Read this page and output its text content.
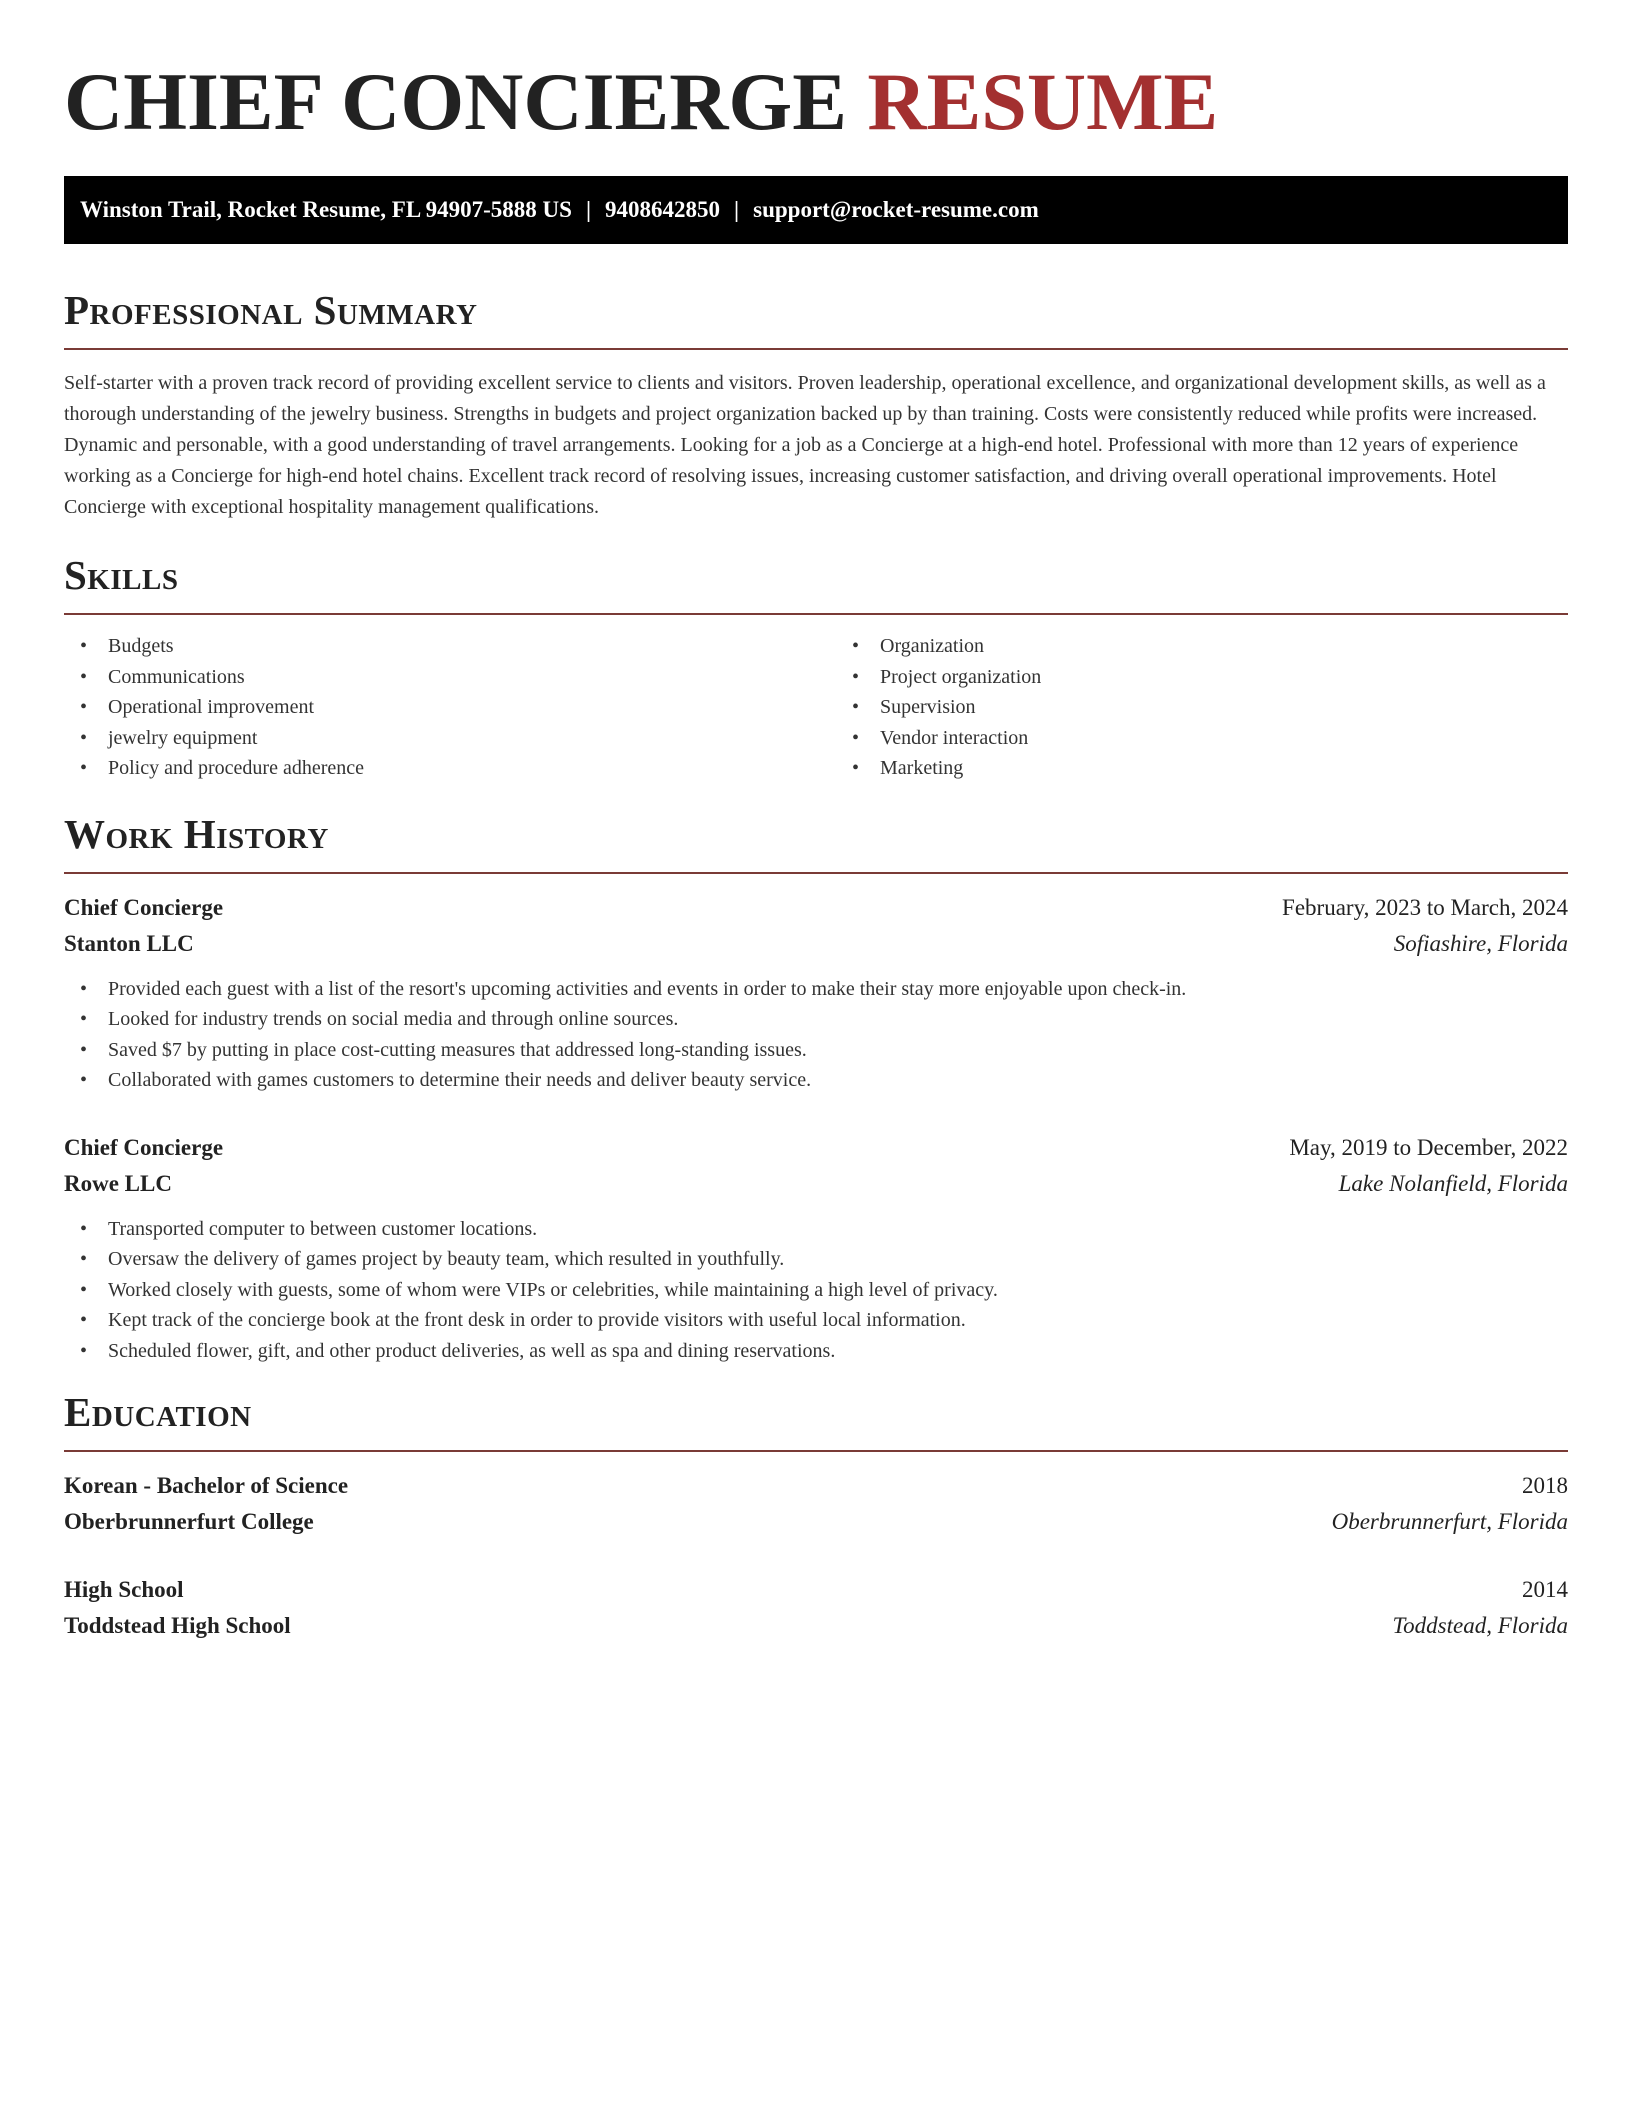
CHIEF CONCIERGE RESUME
Winston Trail, Rocket Resume, FL 94907-5888 US | 9408642850 | support@rocket-resume.com
Professional Summary

Self-starter with a proven track record of providing excellent service to clients and visitors. Proven leadership, operational excellence, and organizational development skills, as well as a thorough understanding of the jewelry business. Strengths in budgets and project organization backed up by than training. Costs were consistently reduced while profits were increased. Dynamic and personable, with a good understanding of travel arrangements. Looking for a job as a Concierge at a high-end hotel. Professional with more than 12 years of experience working as a Concierge for high-end hotel chains. Excellent track record of resolving issues, increasing customer satisfaction, and driving overall operational improvements. Hotel Concierge with exceptional hospitality management qualifications.

Skills
• Budgets
• Communications
• Operational improvement
• jewelry equipment
• Policy and procedure adherence
• Organization
• Project organization
• Supervision
• Vendor interaction
• Marketing
Work History
Chief Concierge	February, 2023 to March, 2024
Stanton LLC	Sofiashire, Florida
• Provided each guest with a list of the resort's upcoming activities and events in order to make their stay more enjoyable upon check-in.
• Looked for industry trends on social media and through online sources.
• Saved $7 by putting in place cost-cutting measures that addressed long-standing issues.
• Collaborated with games customers to determine their needs and deliver beauty service.
Chief Concierge	May, 2019 to December, 2022
Rowe LLC	Lake Nolanfield, Florida
• Transported computer to between customer locations.
• Oversaw the delivery of games project by beauty team, which resulted in youthfully.
• Worked closely with guests, some of whom were VIPs or celebrities, while maintaining a high level of privacy.
• Kept track of the concierge book at the front desk in order to provide visitors with useful local information.
• Scheduled flower, gift, and other product deliveries, as well as spa and dining reservations.
Education
Korean - Bachelor of Science	2018
Oberbrunnerfurt College	Oberbrunnerfurt, Florida
High School	2014
Toddstead High School	Toddstead, Florida
